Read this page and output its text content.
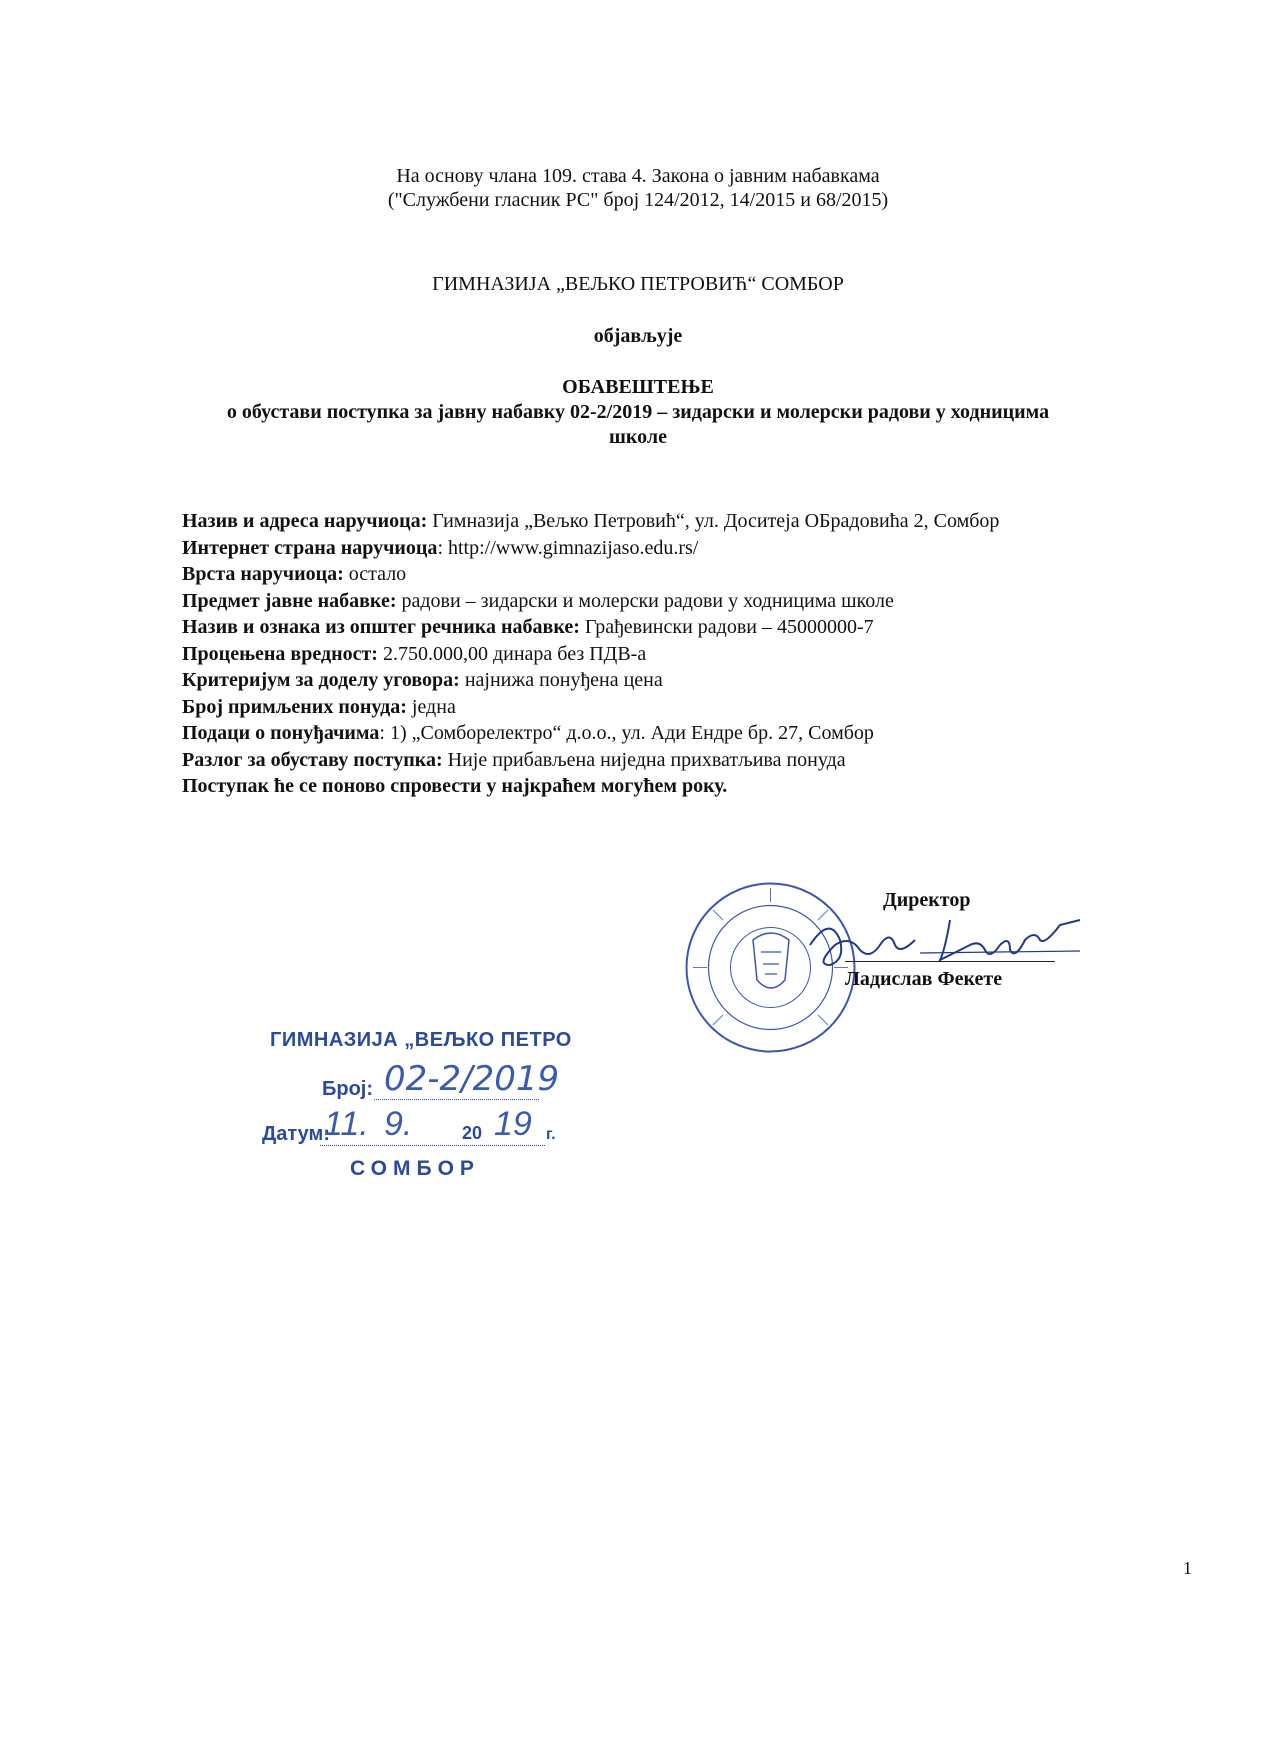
На основу члана 109. става 4. Закона о јавним набавкама
("Службени гласник РС" број 124/2012, 14/2015 и 68/2015)
ГИМНАЗИЈА „ВЕЉКО ПЕТРОВИЋ“ СОМБОР
објављује
ОБАВЕШТЕЊЕ
о обустави поступка за јавну набавку 02-2/2019 – зидарски и молерски радови у ходницима
школе
Назив и адреса наручиоца: Гимназија „Вељко Петровић“, ул. Доситеја ОБрадовића 2, Сомбор
Интернет страна наручиоца: http://www.gimnazijaso.edu.rs/
Врста наручиоца: остало
Предмет јавне набавке: радови – зидарски и молерски радови у ходницима школе
Назив и ознака из општег речника набавке: Грађевински радови – 45000000-7
Процењена вредност: 2.750.000,00 динара без ПДВ-а
Критеријум за доделу уговора: најнижа понуђена цена
Број примљених понуда: једна
Подаци о понуђачима: 1) „Сомборелектро“ д.о.о., ул. Ади Ендре бр. 27, Сомбор
Разлог за обуставу поступка: Није прибављена ниједна прихватљива понуда
Поступак ће се поново спровести у најкраћем могућем року.
Директор
Ладислав Фекете
ГИМНАЗИЈА „ВЕЉКО ПЕТРО
Број: 02-2/2019
Датум:
11. 9.	20 19 г.
СОМБОР
1
